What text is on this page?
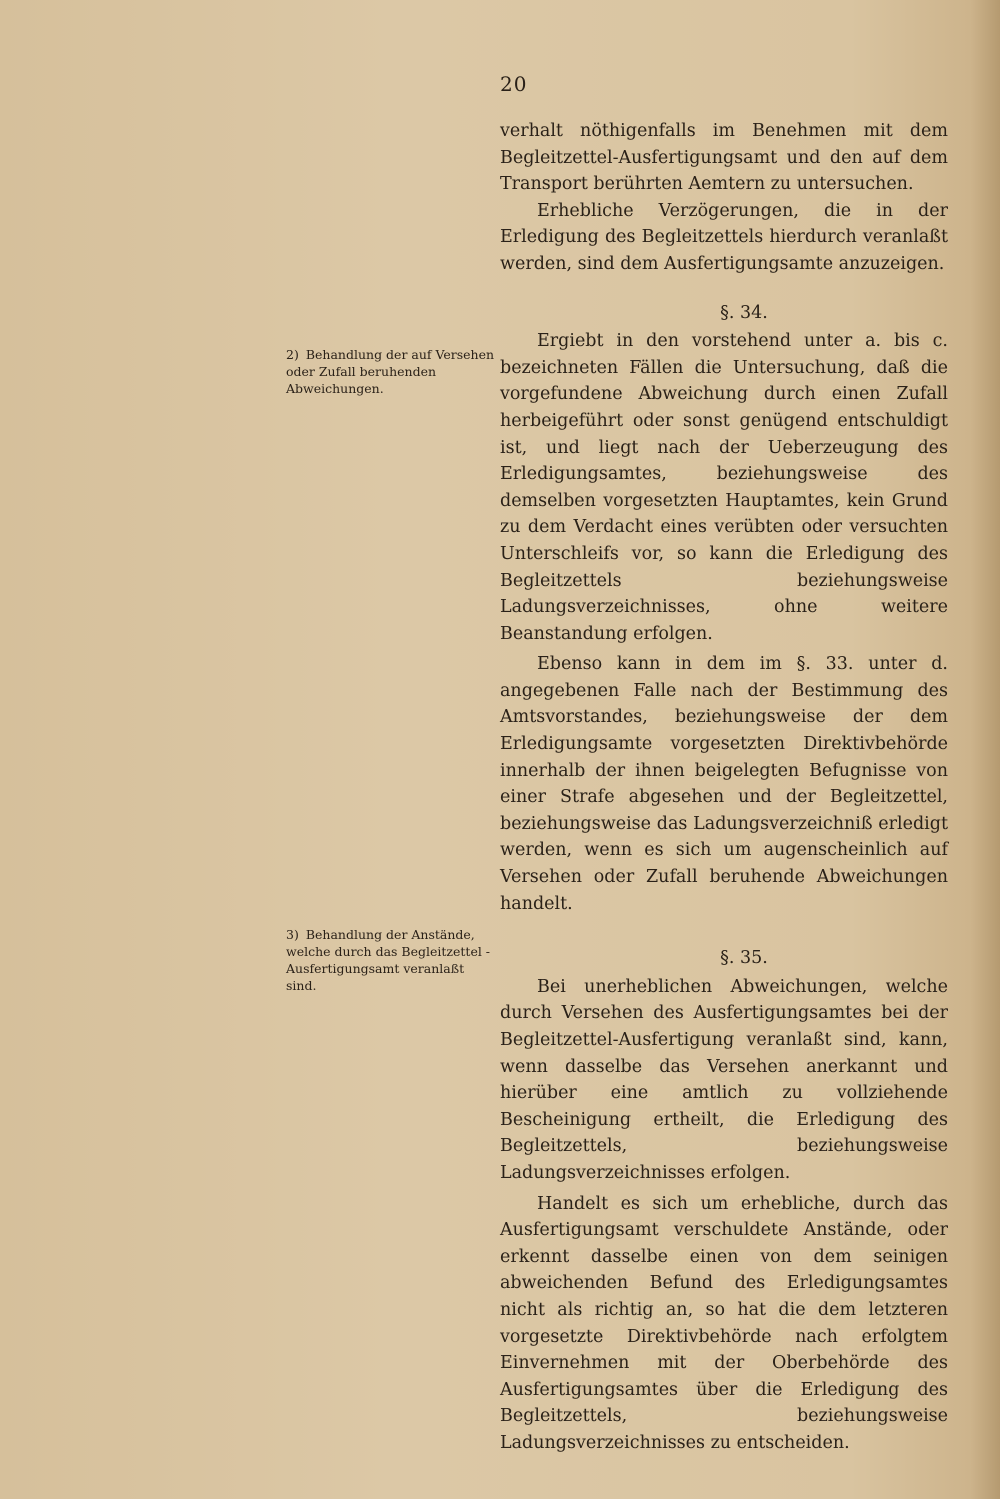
20

verhalt nöthigenfalls im Benehmen mit dem Begleitzettel-Ausfertigungsamt und den auf dem Transport berührten Aemtern zu untersuchen.

Erhebliche Verzögerungen, die in der Erledigung des Begleitzettels hierdurch veranlaßt werden, sind dem Ausfertigungsamte anzuzeigen.

§. 34.

Ergiebt in den vorstehend unter a. bis c. bezeichneten Fällen die Untersuchung, daß die vorgefundene Abweichung durch einen Zufall herbeigeführt oder sonst genügend entschuldigt ist, und liegt nach der Ueberzeugung des Erledigungsamtes, beziehungsweise des demselben vorgesetzten Hauptamtes, kein Grund zu dem Verdacht eines verübten oder versuchten Unterschleifs vor, so kann die Erledigung des Begleitzettels beziehungsweise Ladungsverzeichnisses, ohne weitere Beanstandung erfolgen.

Ebenso kann in dem im §. 33. unter d. angegebenen Falle nach der Bestimmung des Amtsvorstandes, beziehungsweise der dem Erledigungsamte vorgesetzten Direktivbehörde innerhalb der ihnen beigelegten Befugnisse von einer Strafe abgesehen und der Begleitzettel, beziehungsweise das Ladungsverzeichniß erledigt werden, wenn es sich um augenscheinlich auf Versehen oder Zufall beruhende Abweichungen handelt.

§. 35.

Bei unerheblichen Abweichungen, welche durch Versehen des Ausfertigungsamtes bei der Begleitzettel-Ausfertigung veranlaßt sind, kann, wenn dasselbe das Versehen anerkannt und hierüber eine amtlich zu vollziehende Bescheinigung ertheilt, die Erledigung des Begleitzettels, beziehungsweise Ladungsverzeichnisses erfolgen.

Handelt es sich um erhebliche, durch das Ausfertigungsamt verschuldete Anstände, oder erkennt dasselbe einen von dem seinigen abweichenden Befund des Erledigungsamtes nicht als richtig an, so hat die dem letzteren vorgesetzte Direktivbehörde nach erfolgtem Einvernehmen mit der Oberbehörde des Ausfertigungsamtes über die Erledigung des Begleitzettels, beziehungsweise Ladungsverzeichnisses zu entscheiden.

2) Behandlung der auf Versehen oder Zufall beruhenden Abweichungen.
3) Behandlung der Anstände, welche durch das Begleitzettel - Ausfertigungsamt veranlaßt sind.
